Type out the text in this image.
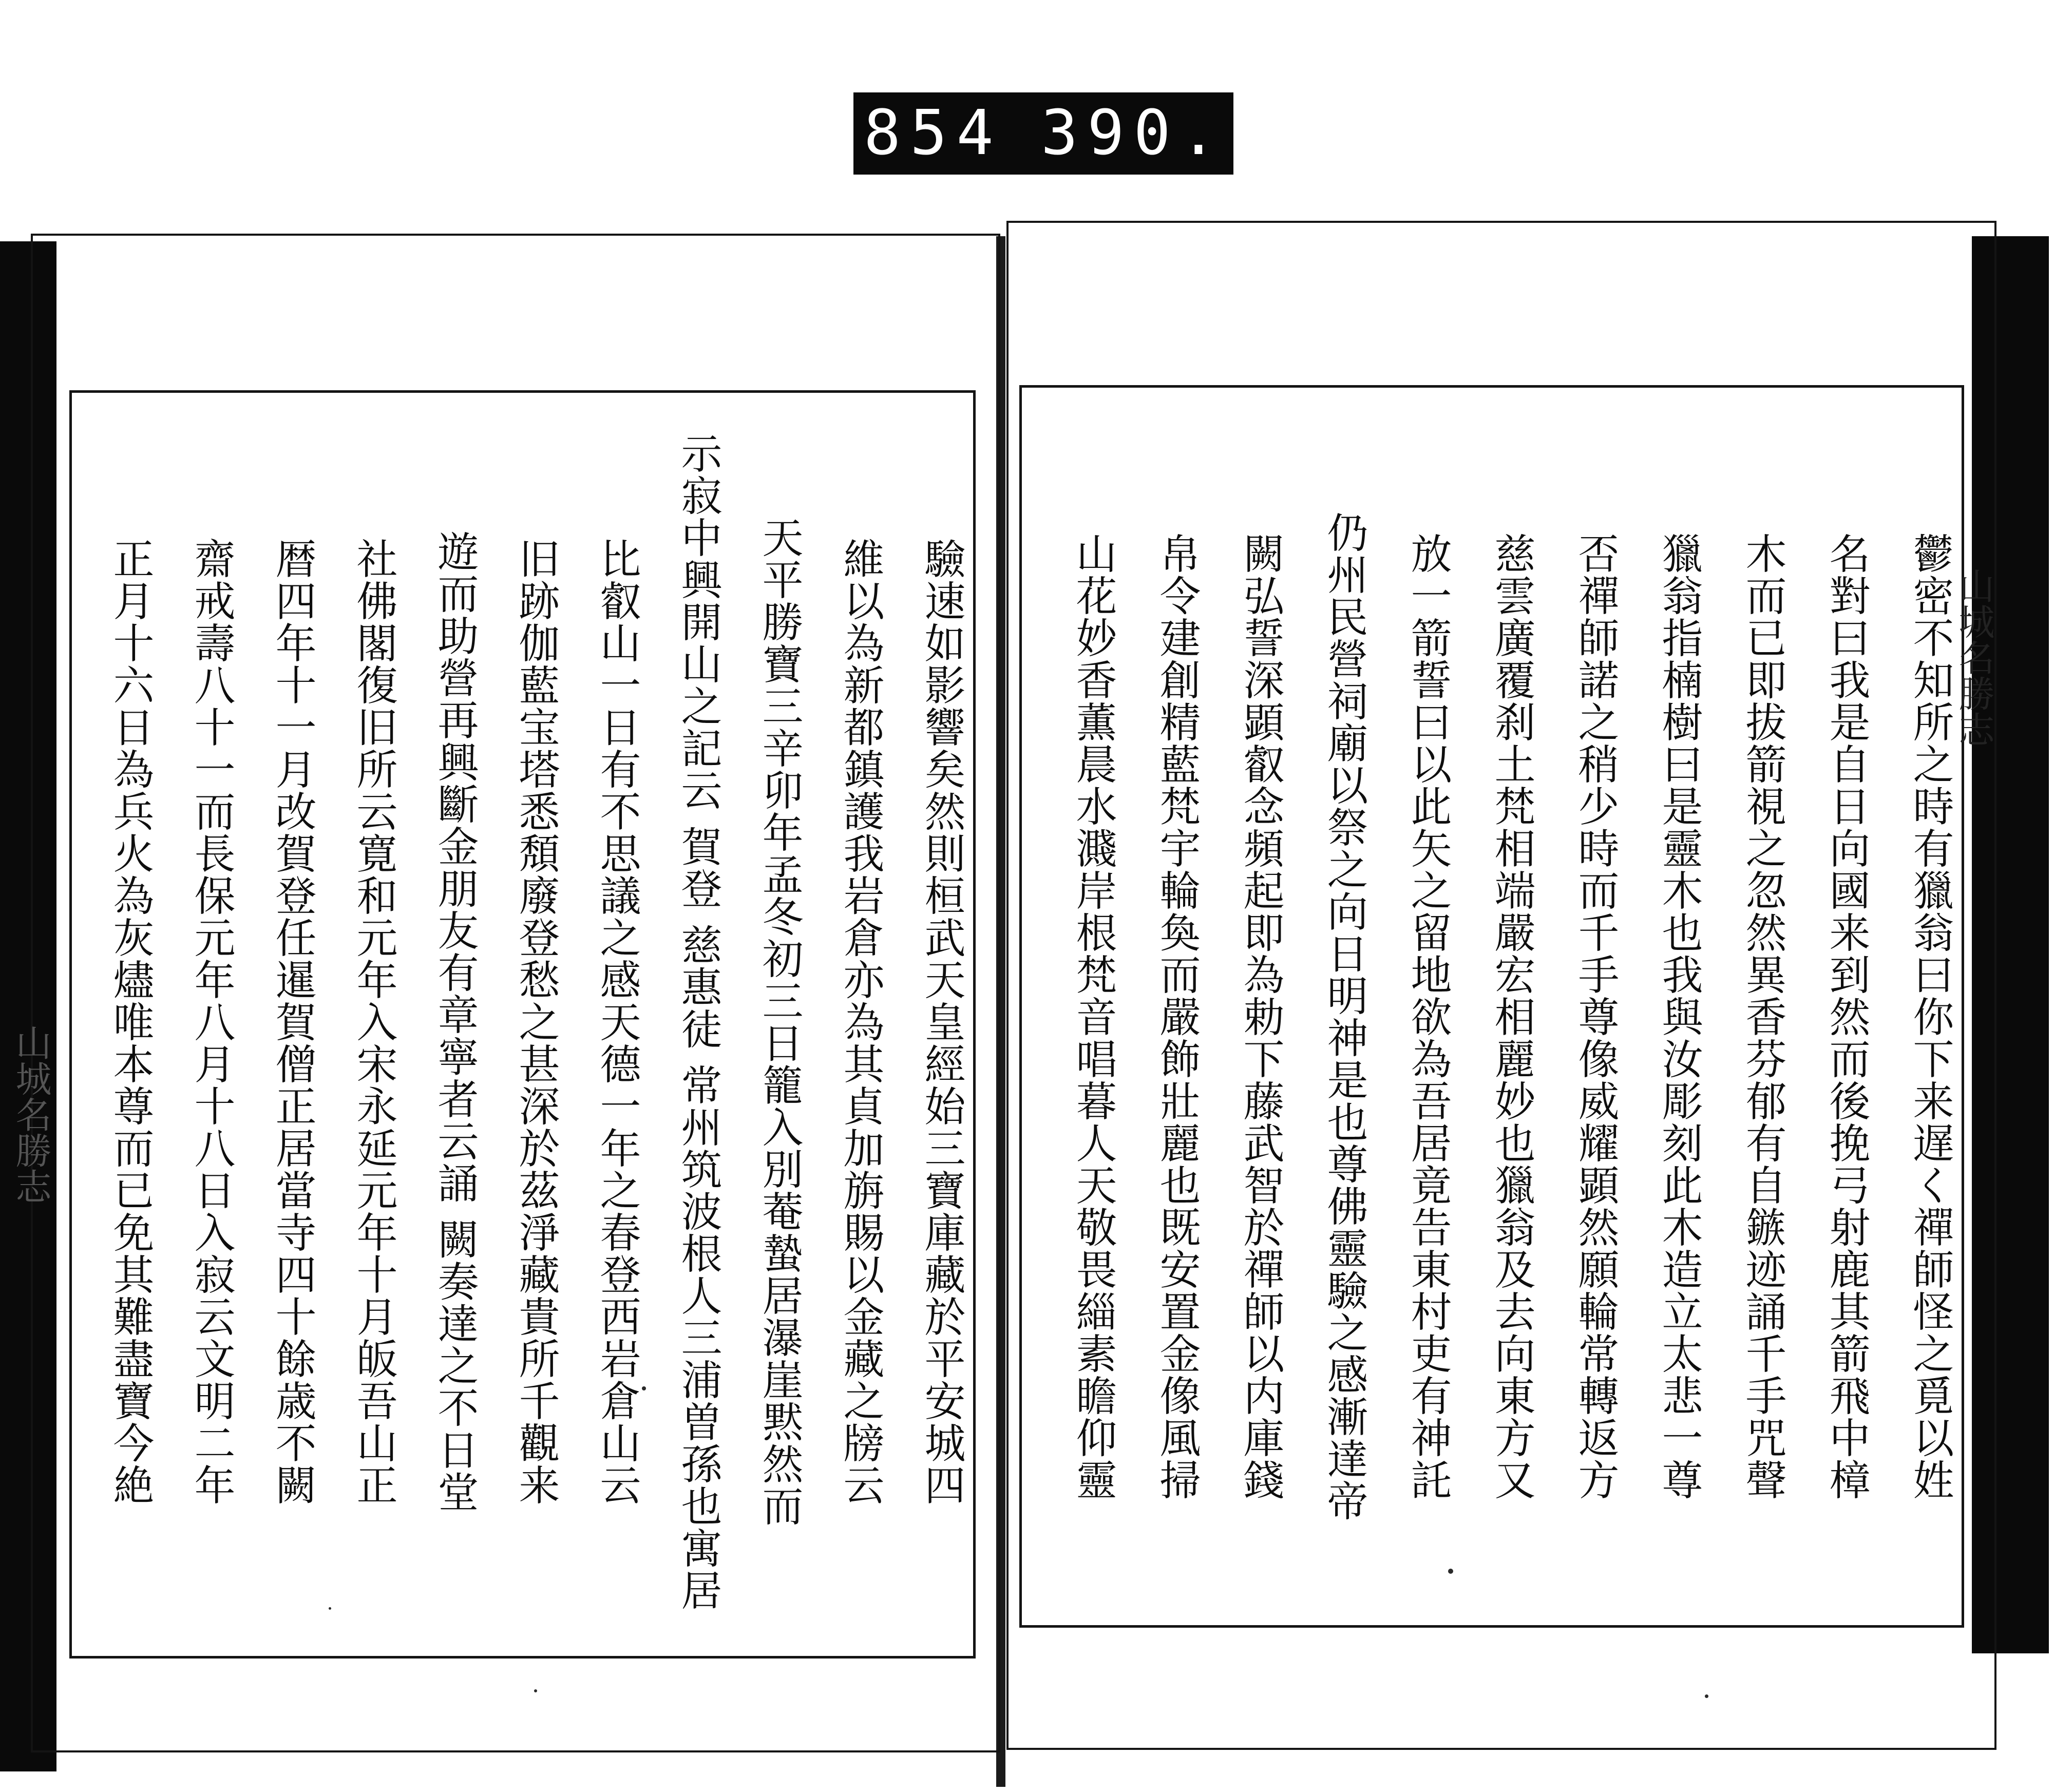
854 390.
山城名勝志
山城名勝志	鬱密不知所之時有獵翁曰你下来遅く禪師怪之覓以姓
名對曰我是自日向國来到然而後挽弓射鹿其箭飛中樟
木而已即拔箭視之忽然異香芬郁有自鏃迹誦千手咒聲
獵翁指楠樹曰是靈木也我與汝彫刻此木造立太悲一尊
否禪師諾之稍少時而千手尊像威耀顕然願輪常轉返方
慈雲廣覆刹土梵相端嚴宏相麗妙也獵翁及去向東方又
放一箭誓曰以此矢之留地欲為吾居竟告東村吏有神託
仍州民營祠廟以祭之向日明神是也尊佛靈驗之感漸達帝
闕弘誓深顕叡念頻起即為勅下藤武智於禪師以内庫錢
帛令建創精藍梵宇輪奐而嚴飾壯麗也既安置金像風掃
山花妙香薫晨水濺岸根梵音唱暮人天敬畏緇素瞻仰靈
驗速如影響矣然則桓武天皇經始三寶庫藏於平安城四
維以為新都鎮護我岩倉亦為其貞加旃賜以金藏之牓云
天平勝寶三辛卯年孟冬初三日籠入別菴蟄居瀑崖黙然而
示寂中興開山之記云 賀登 慈惠徒 常州筑波根人三浦曽孫也寓居
比叡山一日有不思議之感天德一年之春登西岩倉山云
旧跡伽藍宝塔悉頽廢登愁之甚深於茲淨藏貴所千觀来
遊而助營再興斷金朋友有章寧者云誦 闕奏達之不日堂
社佛閣復旧所云寛和元年入宋永延元年十月皈吾山正
暦四年十一月改賀登任暹賀僧正居當寺四十餘歳不闕
齋戒壽八十一而長保元年八月十八日入寂云文明二年
正月十六日為兵火為灰燼唯本尊而已免其難盡寶今絶
